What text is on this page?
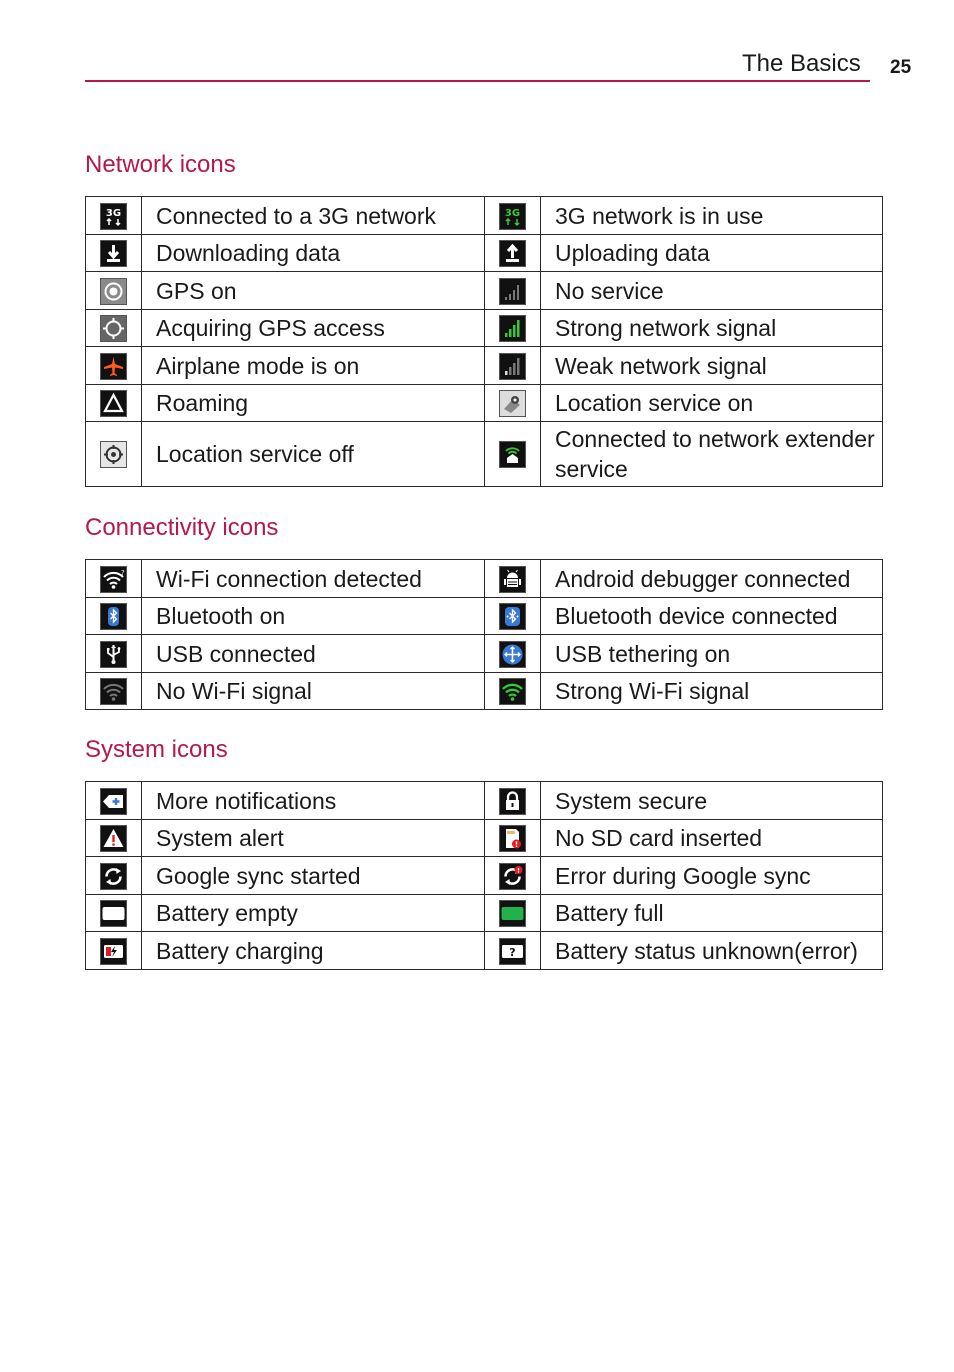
The Basics 25
Network icons
3G	Connected to a 3G network	3G	3G network is in use

	Downloading data		Uploading data

	GPS on		No service

	Acquiring GPS access		Strong network signal

	Airplane mode is on		Weak network signal

	Roaming		Location service on

	Location service off		Connected to network extender service
Connectivity icons
?	Wi-Fi connection detected		Android debugger connected

	Bluetooth on		Bluetooth device connected

	USB connected		USB tethering on

	No Wi-Fi signal		Strong Wi-Fi signal
System icons
	More notifications		System secure

	System alert		No SD card inserted

	Google sync started		Error during Google sync

	Battery empty		Battery full

	Battery charging	?	Battery status unknown(error)
